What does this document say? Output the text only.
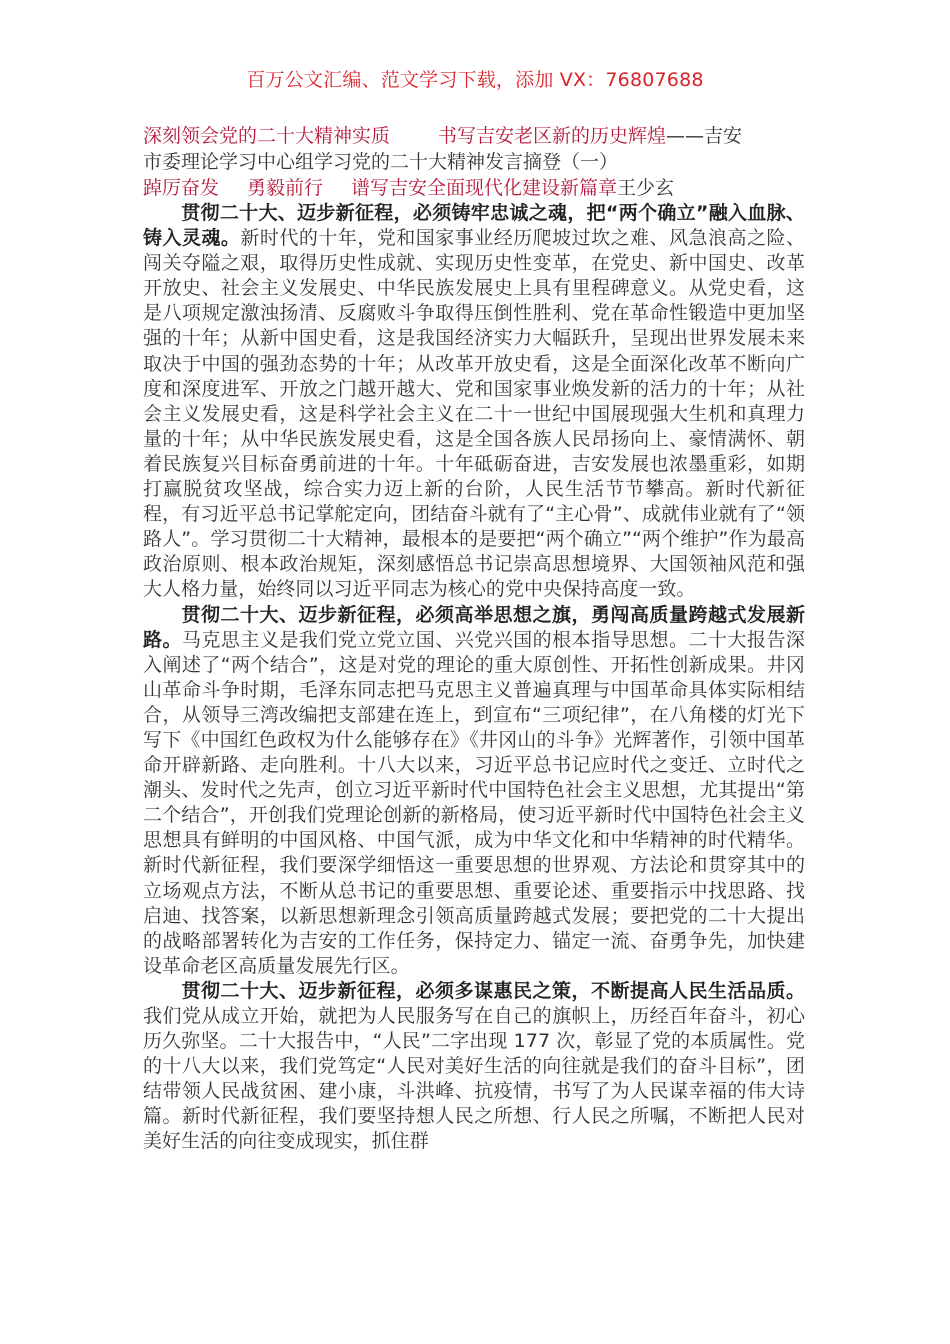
百万公文汇编、范文学习下载，添加 VX：76807688
深刻领会党的二十大精神实质	书写吉安老区新的历史辉煌——吉安
市委理论学习中心组学习党的二十大精神发言摘登（一）
踔厉奋发 勇毅前行 谱写吉安全面现代化建设新篇章王少玄

贯彻二十大、迈步新征程，必须铸牢忠诚之魂，把“两个确立”融入血脉、铸入灵魂。新时代的十年，党和国家事业经历爬坡过坎之难、风急浪高之险、闯关夺隘之艰，取得历史性成就、实现历史性变革，在党史、新中国史、改革开放史、社会主义发展史、中华民族发展史上具有里程碑意义。从党史看，这是八项规定激浊扬清、反腐败斗争取得压倒性胜利、党在革命性锻造中更加坚强的十年；从新中国史看，这是我国经济实力大幅跃升，呈现出世界发展未来取决于中国的强劲态势的十年；从改革开放史看，这是全面深化改革不断向广度和深度进军、开放之门越开越大、党和国家事业焕发新的活力的十年；从社会主义发展史看，这是科学社会主义在二十一世纪中国展现强大生机和真理力量的十年；从中华民族发展史看，这是全国各族人民昂扬向上、豪情满怀、朝着民族复兴目标奋勇前进的十年。十年砥砺奋进，吉安发展也浓墨重彩，如期打赢脱贫攻坚战，综合实力迈上新的台阶，人民生活节节攀高。新时代新征程，有习近平总书记掌舵定向，团结奋斗就有了“主心骨”、成就伟业就有了“领路人”。学习贯彻二十大精神，最根本的是要把“两个确立”“两个维护”作为最高政治原则、根本政治规矩，深刻感悟总书记崇高思想境界、大国领袖风范和强大人格力量，始终同以习近平同志为核心的党中央保持高度一致。

贯彻二十大、迈步新征程，必须高举思想之旗，勇闯高质量跨越式发展新路。马克思主义是我们党立党立国、兴党兴国的根本指导思想。二十大报告深入阐述了“两个结合”，这是对党的理论的重大原创性、开拓性创新成果。井冈山革命斗争时期，毛泽东同志把马克思主义普遍真理与中国革命具体实际相结合，从领导三湾改编把支部建在连上，到宣布“三项纪律”，在八角楼的灯光下写下《中国红色政权为什么能够存在》《井冈山的斗争》光辉著作，引领中国革命开辟新路、走向胜利。十八大以来，习近平总书记应时代之变迁、立时代之潮头、发时代之先声，创立习近平新时代中国特色社会主义思想，尤其提出“第二个结合”，开创我们党理论创新的新格局，使习近平新时代中国特色社会主义思想具有鲜明的中国风格、中国气派，成为中华文化和中华精神的时代精华。新时代新征程，我们要深学细悟这一重要思想的世界观、方法论和贯穿其中的立场观点方法，不断从总书记的重要思想、重要论述、重要指示中找思路、找启迪、找答案，以新思想新理念引领高质量跨越式发展；要把党的二十大提出的战略部署转化为吉安的工作任务，保持定力、锚定一流、奋勇争先，加快建设革命老区高质量发展先行区。

贯彻二十大、迈步新征程，必须多谋惠民之策，不断提高人民生活品质。我们党从成立开始，就把为人民服务写在自己的旗帜上，历经百年奋斗，初心历久弥坚。二十大报告中，“人民”二字出现 177 次，彰显了党的本质属性。党的十八大以来，我们党笃定“人民对美好生活的向往就是我们的奋斗目标”，团结带领人民战贫困、建小康，斗洪峰、抗疫情，书写了为人民谋幸福的伟大诗篇。新时代新征程，我们要坚持想人民之所想、行人民之所嘱，不断把人民对美好生活的向往变成现实，抓住群
